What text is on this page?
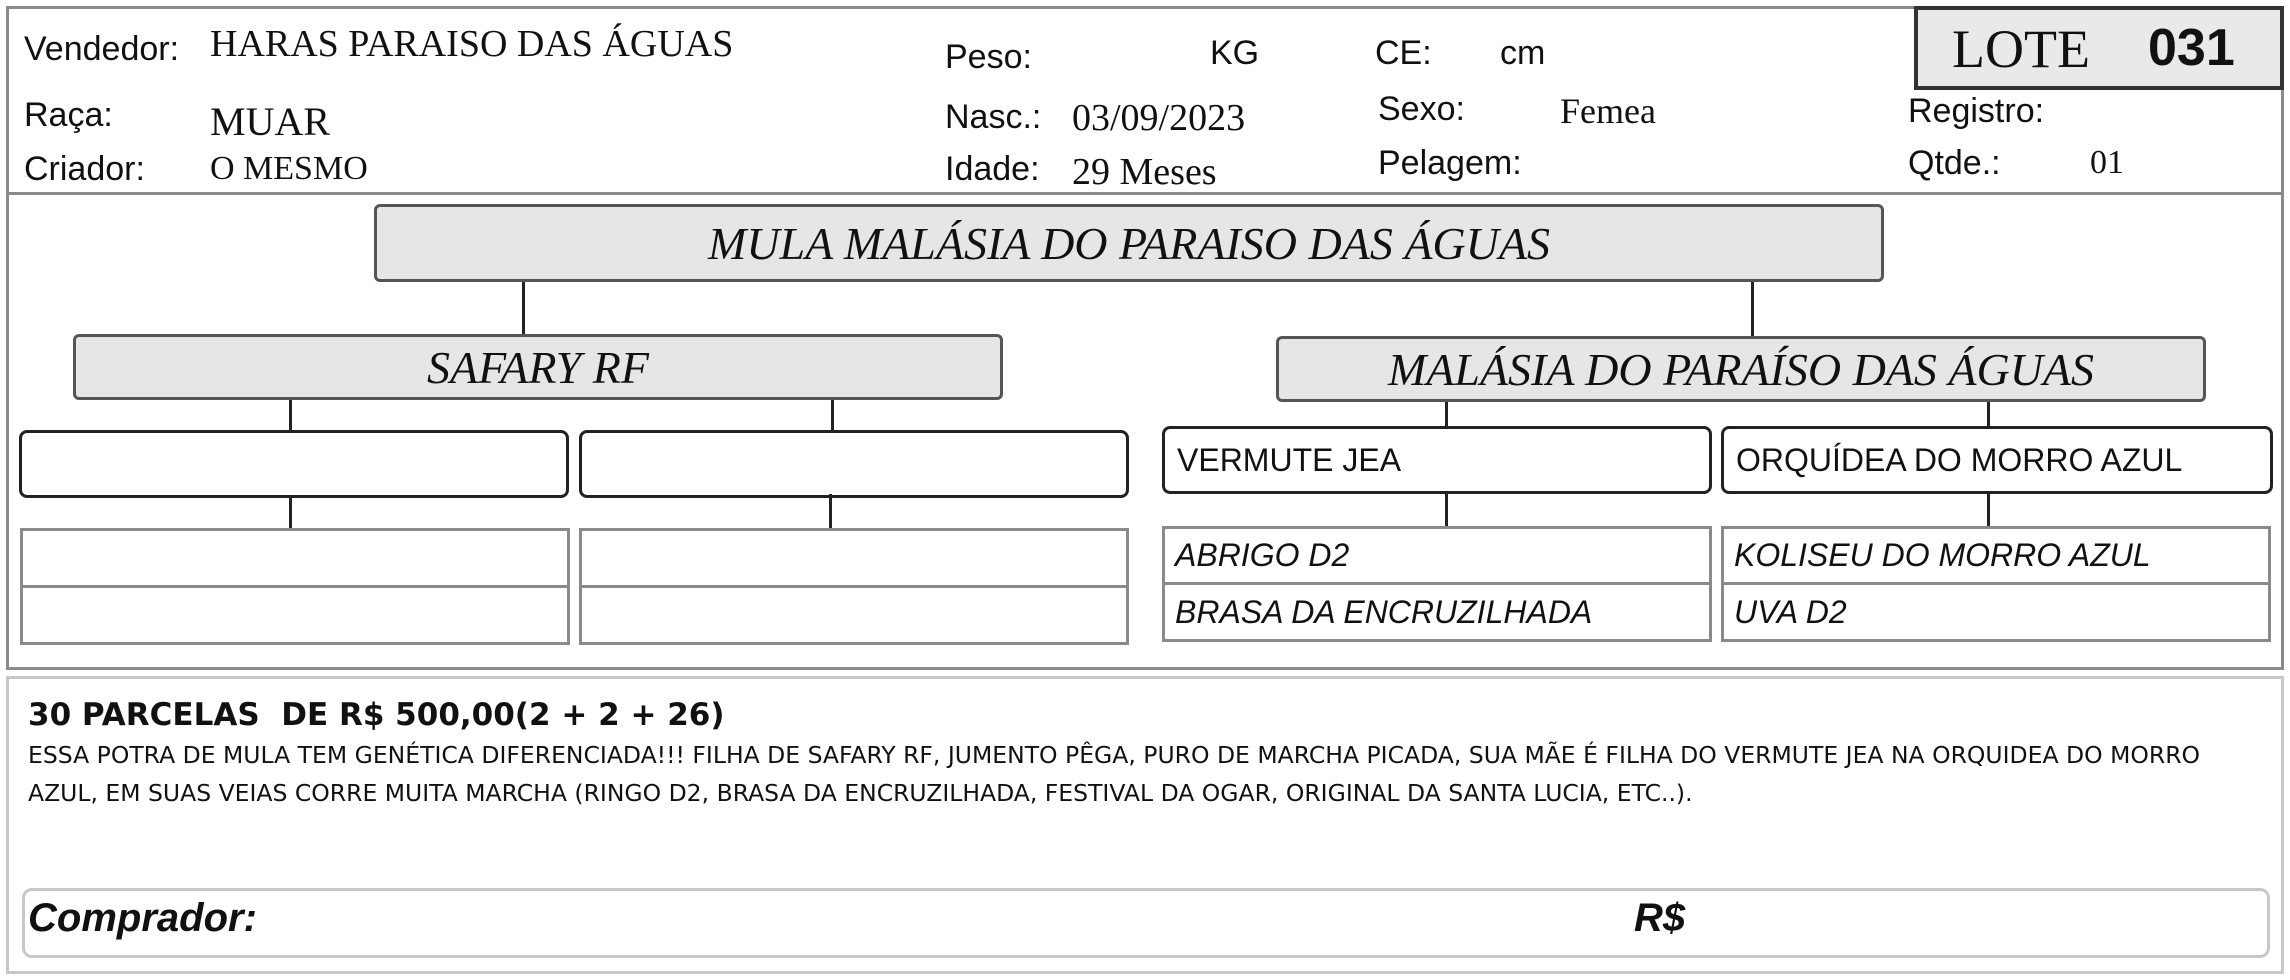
Vendedor: HARAS PARAISO DAS ÁGUAS
Raça: MUAR
Criador: O MESMO
Peso:	KG
Nasc.: 03/09/2023
Idade: 29 Meses
CE: cm
Sexo:	Femea
Pelagem:
LOTE 031
Registro:
Qtde.:	01
MULA MALÁSIA DO PARAISO DAS ÁGUAS
SAFARY RF	MALÁSIA DO PARAÍSO DAS ÁGUAS
VERMUTE JEA	ORQUÍDEA DO MORRO AZUL
ABRIGO D2
BRASA DA ENCRUZILHADA
KOLISEU DO MORRO AZUL
UVA D2
30 PARCELAS  DE R$ 500,00(2 + 2 + 26)
ESSA POTRA DE MULA TEM GENÉTICA DIFERENCIADA!!! FILHA DE SAFARY RF, JUMENTO PÊGA, PURO DE MARCHA PICADA, SUA MÃE É FILHA DO VERMUTE JEA NA ORQUIDEA DO MORRO AZUL, EM SUAS VEIAS CORRE MUITA MARCHA (RINGO D2, BRASA DA ENCRUZILHADA, FESTIVAL DA OGAR, ORIGINAL DA SANTA LUCIA, ETC..).
Comprador:	R$
